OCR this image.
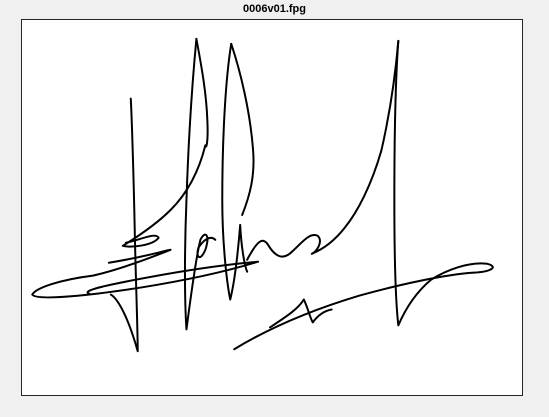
0006v01.fpg
